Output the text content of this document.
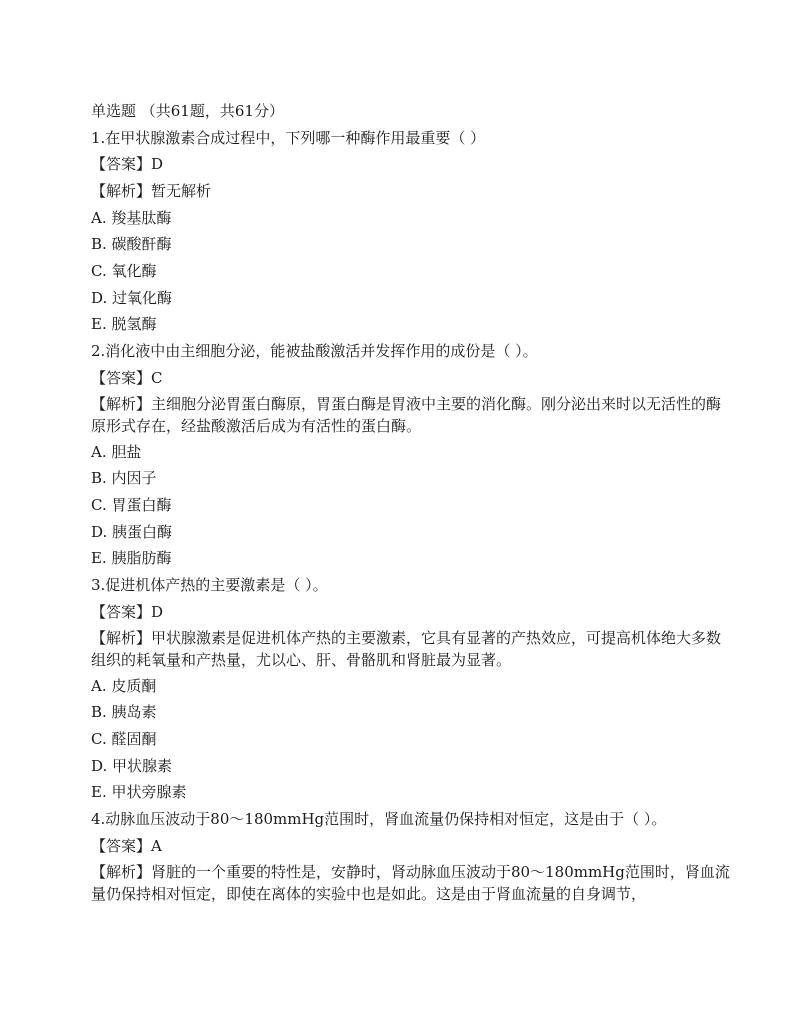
单选题 （共61题，共61分）
1.在甲状腺激素合成过程中，下列哪一种酶作用最重要（ ）
【答案】D
【解析】暂无解析
A. 羧基肽酶
B. 碳酸酐酶
C. 氧化酶
D. 过氧化酶
E. 脱氢酶
2.消化液中由主细胞分泌，能被盐酸激活并发挥作用的成份是（ ）。
【答案】C
【解析】主细胞分泌胃蛋白酶原，胃蛋白酶是胃液中主要的消化酶。刚分泌出来时以无活性的酶原形式存在，经盐酸激活后成为有活性的蛋白酶。
A. 胆盐
B. 内因子
C. 胃蛋白酶
D. 胰蛋白酶
E. 胰脂肪酶
3.促进机体产热的主要激素是（ ）。
【答案】D
【解析】甲状腺激素是促进机体产热的主要激素，它具有显著的产热效应，可提高机体绝大多数组织的耗氧量和产热量，尤以心、肝、骨骼肌和肾脏最为显著。
A. 皮质酮
B. 胰岛素
C. 醛固酮
D. 甲状腺素
E. 甲状旁腺素
4.动脉血压波动于80～180mmHg范围时，肾血流量仍保持相对恒定，这是由于（ ）。
【答案】A
【解析】肾脏的一个重要的特性是，安静时，肾动脉血压波动于80～180mmHg范围时，肾血流量仍保持相对恒定，即使在离体的实验中也是如此。这是由于肾血流量的自身调节，
